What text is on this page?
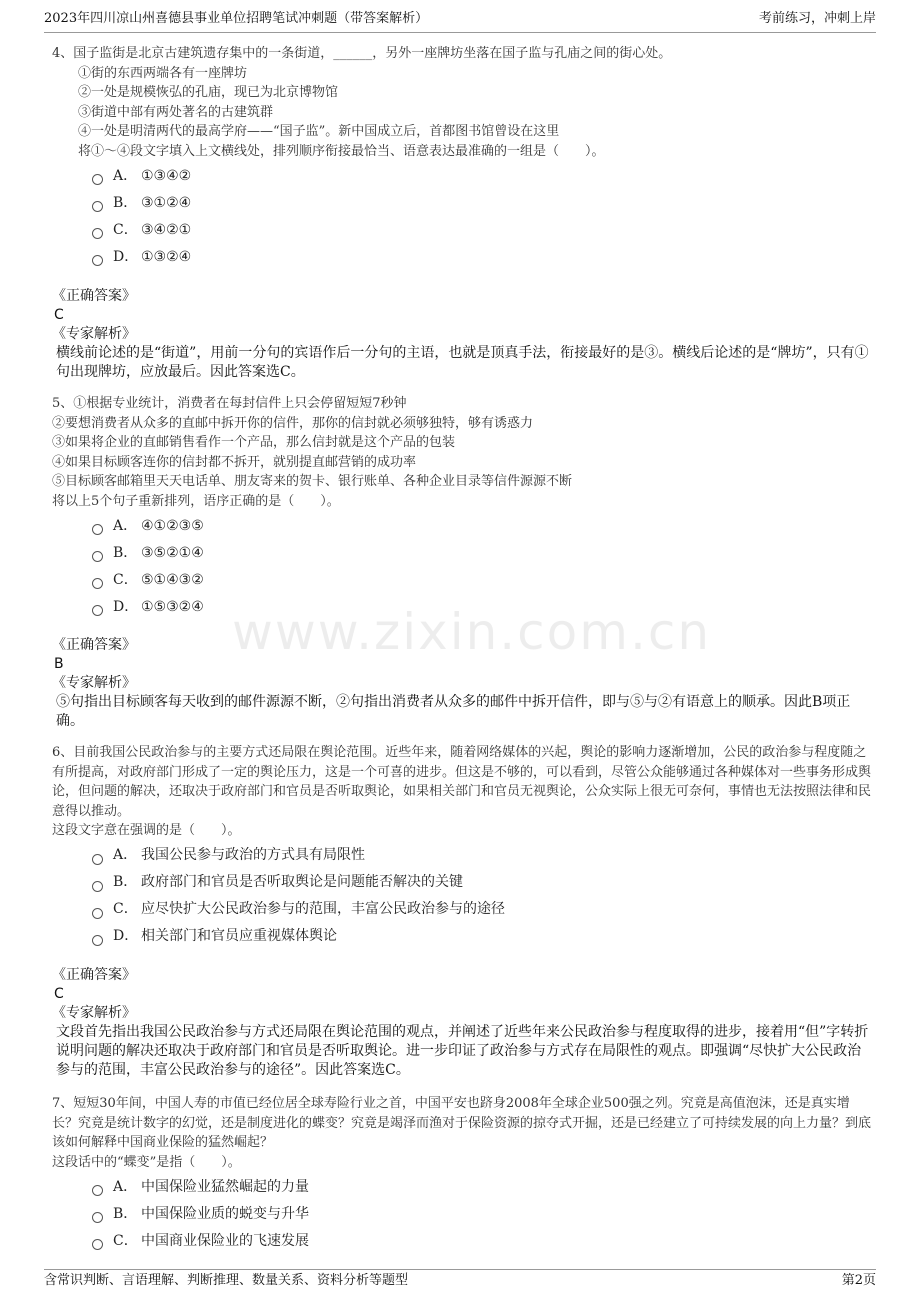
2023年四川凉山州喜德县事业单位招聘笔试冲刺题（带答案解析）	考前练习，冲刺上岸
www.zixin.com.cn

4、国子监街是北京古建筑遗存集中的一条街道，______，另外一座牌坊坐落在国子监与孔庙之间的街心处。

①街的东西两端各有一座牌坊

②一处是规模恢弘的孔庙，现已为北京博物馆

③街道中部有两处著名的古建筑群

④一处是明清两代的最高学府——“国子监”。新中国成立后，首都图书馆曾设在这里

将①～④段文字填入上文横线处，排列顺序衔接最恰当、语意表达最准确的一组是（　　）。

A． ①③④②
B． ③①②④
C． ③④②①
D． ①③②④
《正确答案》
C
《专家解析》
横线前论述的是“街道”，用前一分句的宾语作后一分句的主语，也就是顶真手法，衔接最好的是③。横线后论述的是“牌坊”，只有①句出现牌坊，应放最后。因此答案选C。

5、①根据专业统计，消费者在每封信件上只会停留短短7秒钟

②要想消费者从众多的直邮中拆开你的信件，那你的信封就必须够独特，够有诱惑力

③如果将企业的直邮销售看作一个产品，那么信封就是这个产品的包装

④如果目标顾客连你的信封都不拆开，就别提直邮营销的成功率

⑤目标顾客邮箱里天天电话单、朋友寄来的贺卡、银行账单、各种企业目录等信件源源不断

将以上5个句子重新排列，语序正确的是（　　）。

A． ④①②③⑤
B． ③⑤②①④
C． ⑤①④③②
D． ①⑤③②④
《正确答案》
B
《专家解析》
⑤句指出目标顾客每天收到的邮件源源不断，②句指出消费者从众多的邮件中拆开信件，即与⑤与②有语意上的顺承。因此B项正确。

6、目前我国公民政治参与的主要方式还局限在舆论范围。近些年来，随着网络媒体的兴起，舆论的影响力逐渐增加，公民的政治参与程度随之有所提高，对政府部门形成了一定的舆论压力，这是一个可喜的进步。但这是不够的，可以看到，尽管公众能够通过各种媒体对一些事务形成舆论，但问题的解决，还取决于政府部门和官员是否听取舆论，如果相关部门和官员无视舆论，公众实际上很无可奈何，事情也无法按照法律和民意得以推动。

这段文字意在强调的是（　　）。

A． 我国公民参与政治的方式具有局限性
B． 政府部门和官员是否听取舆论是问题能否解决的关键
C． 应尽快扩大公民政治参与的范围，丰富公民政治参与的途径
D． 相关部门和官员应重视媒体舆论
《正确答案》
C
《专家解析》
文段首先指出我国公民政治参与方式还局限在舆论范围的观点，并阐述了近些年来公民政治参与程度取得的进步，接着用“但”字转折说明问题的解决还取决于政府部门和官员是否听取舆论。进一步印证了政治参与方式存在局限性的观点。即强调“尽快扩大公民政治参与的范围，丰富公民政治参与的途径”。因此答案选C。

7、短短30年间，中国人寿的市值已经位居全球寿险行业之首，中国平安也跻身2008年全球企业500强之列。究竟是高值泡沫，还是真实增长？究竟是统计数字的幻觉，还是制度进化的蝶变？究竟是竭泽而渔对于保险资源的掠夺式开掘，还是已经建立了可持续发展的向上力量？到底该如何解释中国商业保险的猛然崛起？

这段话中的“蝶变”是指（　　）。

A． 中国保险业猛然崛起的力量
B． 中国保险业质的蜕变与升华
C． 中国商业保险业的飞速发展
含常识判断、言语理解、判断推理、数量关系、资料分析等题型	第2页
